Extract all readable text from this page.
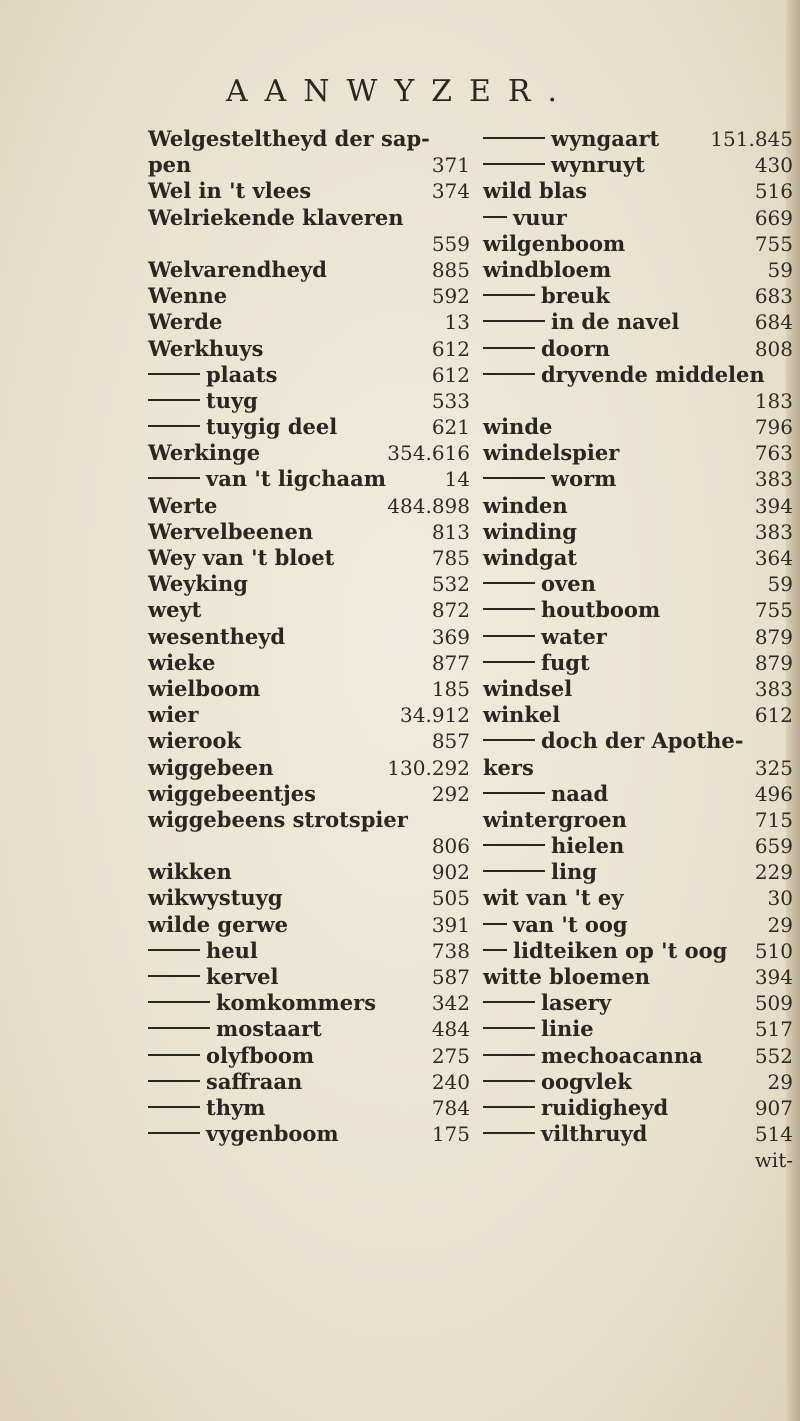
AANWYZER.
Welgesteltheyd der sap-
pen	371
Wel in 't vlees	374
Welriekende klaveren
559
Welvarendheyd	885
Wenne	592
Werde	13
Werkhuys	612
plaats	612
tuyg	533
tuygig deel	621
Werkinge	354.616
van 't ligchaam	14
Werte	484.898
Wervelbeenen	813
Wey van 't bloet	785
Weyking	532
weyt	872
wesentheyd	369
wieke	877
wielboom	185
wier	34.912
wierook	857
wiggebeen	130.292
wiggebeentjes	292
wiggebeens strotspier
806
wikken	902
wikwystuyg	505
wilde gerwe	391
heul	738
kervel	587
komkommers	342
mostaart	484
olyfboom	275
saffraan	240
thym	784
vygenboom	175
wyngaart	151.845
wynruyt	430
wild blas	516
vuur	669
wilgenboom	755
windbloem	59
breuk	683
in de navel	684
doorn	808
dryvende middelen
183
winde	796
windelspier	763
worm	383
winden	394
winding	383
windgat	364
oven	59
houtboom	755
water	879
fugt	879
windsel	383
winkel	612
doch der Apothe-
kers	325
naad	496
wintergroen	715
hielen	659
ling	229
wit van 't ey	30
van 't oog	29
lidteiken op 't oog 510
witte bloemen	394
lasery	509
linie	517
mechoacanna	552
oogvlek	29
ruidigheyd	907
vilthruyd	514
wit-
